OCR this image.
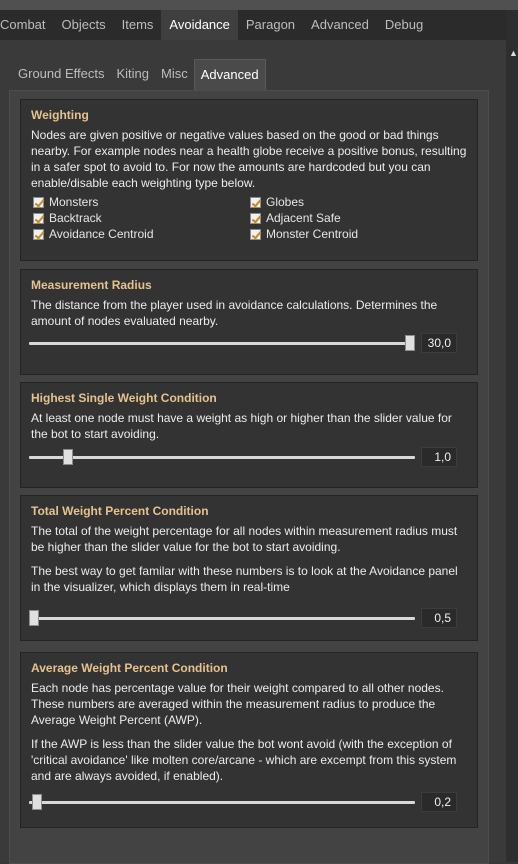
Combat	Objects	Items	Avoidance	Paragon	Advanced	Debug
▲
Ground Effects Kiting Misc	Advanced
Weighting
Nodes are given positive or negative values based on the good or bad things nearby. For example nodes near a health globe receive a positive bonus, resulting in a safer spot to avoid to. For now the amounts are hardcoded but you can enable/disable each weighting type below.
Monsters
Backtrack
Avoidance Centroid
Globes
Adjacent Safe
Monster Centroid
Measurement Radius
The distance from the player used in avoidance calculations. Determines the amount of nodes evaluated nearby.
30,0
Highest Single Weight Condition
At least one node must have a weight as high or higher than the slider value for the bot to start avoiding.
1,0
Total Weight Percent Condition
The total of the weight percentage for all nodes within measurement radius must be higher than the slider value for the bot to start avoiding.
The best way to get familar with these numbers is to look at the Avoidance panel in the visualizer, which displays them in real-time
0,5
Average Weight Percent Condition
Each node has percentage value for their weight compared to all other nodes. These numbers are averaged within the measurement radius to produce the Average Weight Percent (AWP).
If the AWP is less than the slider value the bot wont avoid (with the exception of 'critical avoidance' like molten core/arcane - which are excempt from this system and are always avoided, if enabled).
0,2
